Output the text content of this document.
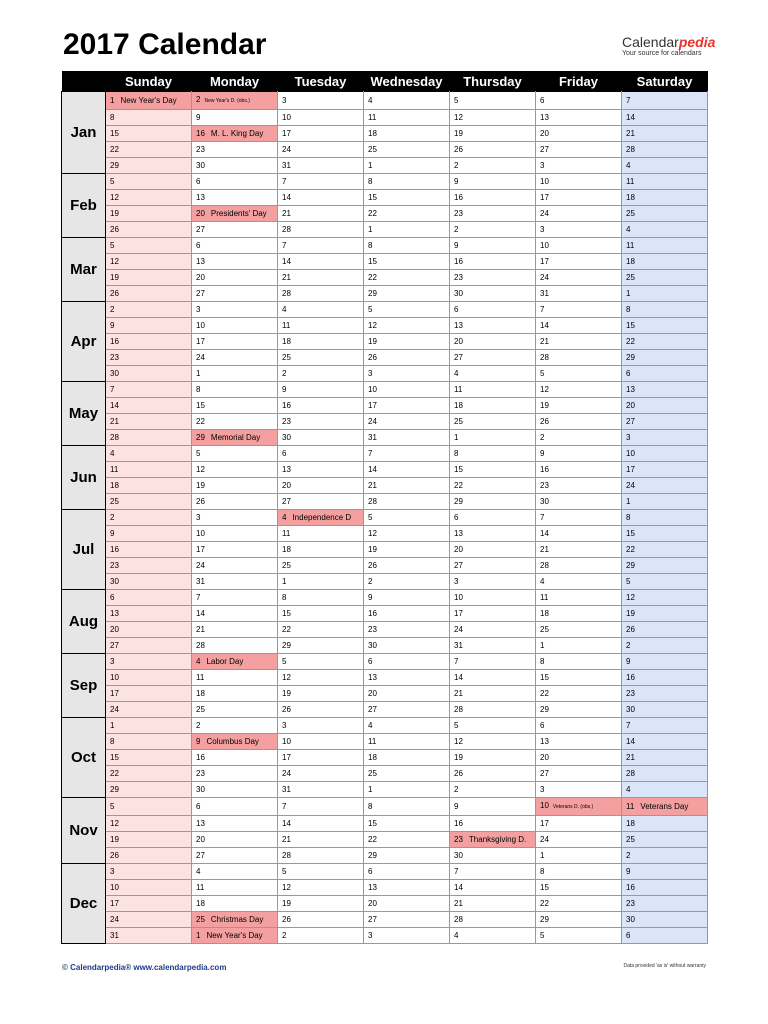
2017 Calendar	Calendarpedia
Your source for calendars
	Sunday	Monday	Tuesday	Wednesday	Thursday	Friday	Saturday
Jan	1 New Year's Day	2 New Year's D. (obs.)	3	4	5	6	7
	8	9	10	11	12	13	14
	15	16 M. L. King Day	17	18	19	20	21
	22	23	24	25	26	27	28
	29	30	31	1	2	3	4
Feb	5	6	7	8	9	10	11
	12	13	14	15	16	17	18
	19	20 Presidents' Day	21	22	23	24	25
	26	27	28	1	2	3	4
Mar	5	6	7	8	9	10	11
	12	13	14	15	16	17	18
	19	20	21	22	23	24	25
	26	27	28	29	30	31	1
Apr	2	3	4	5	6	7	8
	9	10	11	12	13	14	15
	16	17	18	19	20	21	22
	23	24	25	26	27	28	29
	30	1	2	3	4	5	6
May	7	8	9	10	11	12	13
	14	15	16	17	18	19	20
	21	22	23	24	25	26	27
	28	29 Memorial Day	30	31	1	2	3
Jun	4	5	6	7	8	9	10
	11	12	13	14	15	16	17
	18	19	20	21	22	23	24
	25	26	27	28	29	30	1
Jul	2	3	4 Independence D	5	6	7	8
	9	10	11	12	13	14	15
	16	17	18	19	20	21	22
	23	24	25	26	27	28	29
	30	31	1	2	3	4	5
Aug	6	7	8	9	10	11	12
	13	14	15	16	17	18	19
	20	21	22	23	24	25	26
	27	28	29	30	31	1	2
Sep	3	4 Labor Day	5	6	7	8	9
	10	11	12	13	14	15	16
	17	18	19	20	21	22	23
	24	25	26	27	28	29	30
Oct	1	2	3	4	5	6	7
	8	9 Columbus Day	10	11	12	13	14
	15	16	17	18	19	20	21
	22	23	24	25	26	27	28
	29	30	31	1	2	3	4
Nov	5	6	7	8	9	10 Veterans D. (obs.)	11 Veterans Day
	12	13	14	15	16	17	18
	19	20	21	22	23 Thanksgiving D.	24	25
	26	27	28	29	30	1	2
Dec	3	4	5	6	7	8	9
	10	11	12	13	14	15	16
	17	18	19	20	21	22	23
	24	25 Christmas Day	26	27	28	29	30
	31	1 New Year's Day	2	3	4	5	6
© Calendarpedia® www.calendarpedia.com	Data provided 'as is' without warranty
